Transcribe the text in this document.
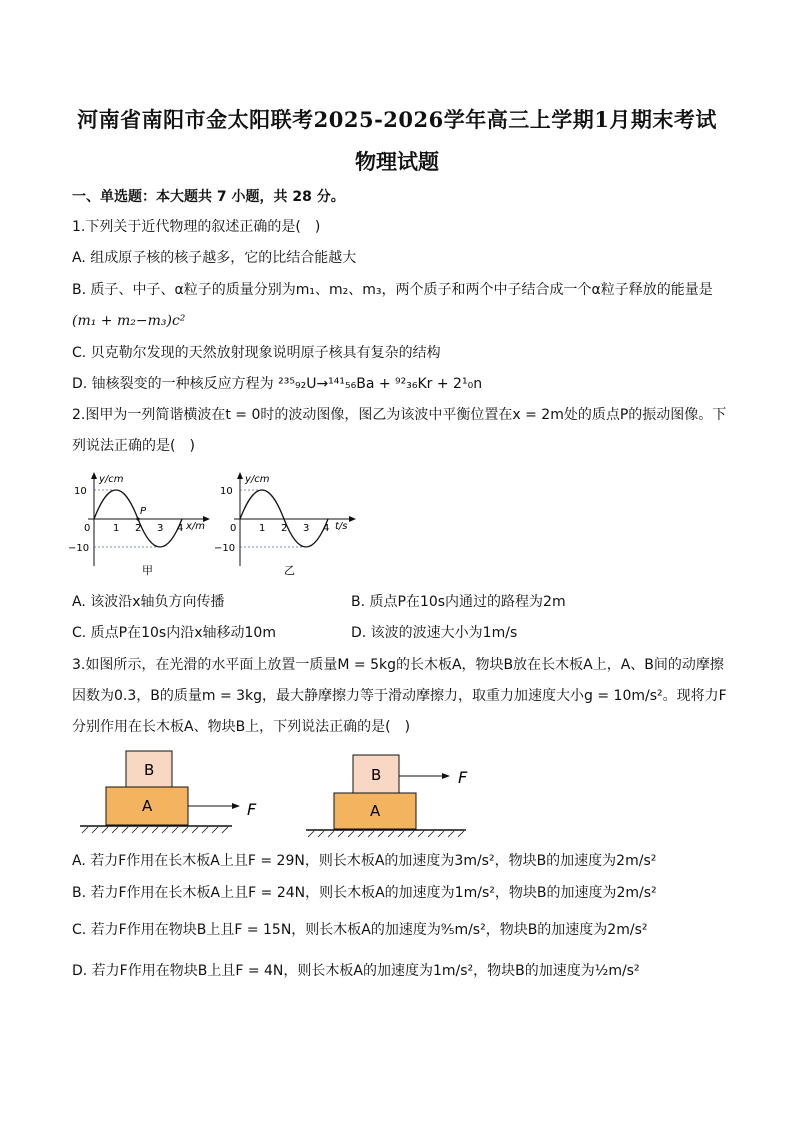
河南省南阳市金太阳联考2025-2026学年高三上学期1月期末考试
物理试题
一、单选题：本大题共 7 小题，共 28 分。
1.下列关于近代物理的叙述正确的是(　)
A. 组成原子核的核子越多，它的比结合能越大
B. 质子、中子、α粒子的质量分别为m₁、m₂、m₃，两个质子和两个中子结合成一个α粒子释放的能量是
(m₁ + m₂−m₃)c²
C. 贝克勒尔发现的天然放射现象说明原子核具有复杂的结构
D. 铀核裂变的一种核反应方程为 ²³⁵₉₂U→¹⁴¹₅₆Ba + ⁹²₃₆Kr + 2¹₀n
2.图甲为一列简谐横波在t = 0时的波动图像，图乙为该波中平衡位置在x = 2m处的质点P的振动图像。下
列说法正确的是(　)
y/cm
10
−10
0 1 2 3 4 x/m
P
甲
y/cm
10
−10
0 1 2 3 4 t/s
乙
A. 该波沿x轴负方向传播	B. 质点P在10s内通过的路程为2m
C. 质点P在10s内沿x轴移动10m	D. 该波的波速大小为1m/s
3.如图所示，在光滑的水平面上放置一质量M = 5kg的长木板A，物块B放在长木板A上，A、B间的动摩擦
因数为0.3，B的质量m = 3kg，最大静摩擦力等于滑动摩擦力，取重力加速度大小g = 10m/s²。现将力F
分别作用在长木板A、物块B上，下列说法正确的是(　)
B
A	F
B
A
F
A. 若力F作用在长木板A上且F = 29N，则长木板A的加速度为3m/s²，物块B的加速度为2m/s²
B. 若力F作用在长木板A上且F = 24N，则长木板A的加速度为1m/s²，物块B的加速度为2m/s²
C. 若力F作用在物块B上且F = 15N，则长木板A的加速度为⁹⁄₅m/s²，物块B的加速度为2m/s²
D. 若力F作用在物块B上且F = 4N，则长木板A的加速度为1m/s²，物块B的加速度为½m/s²
